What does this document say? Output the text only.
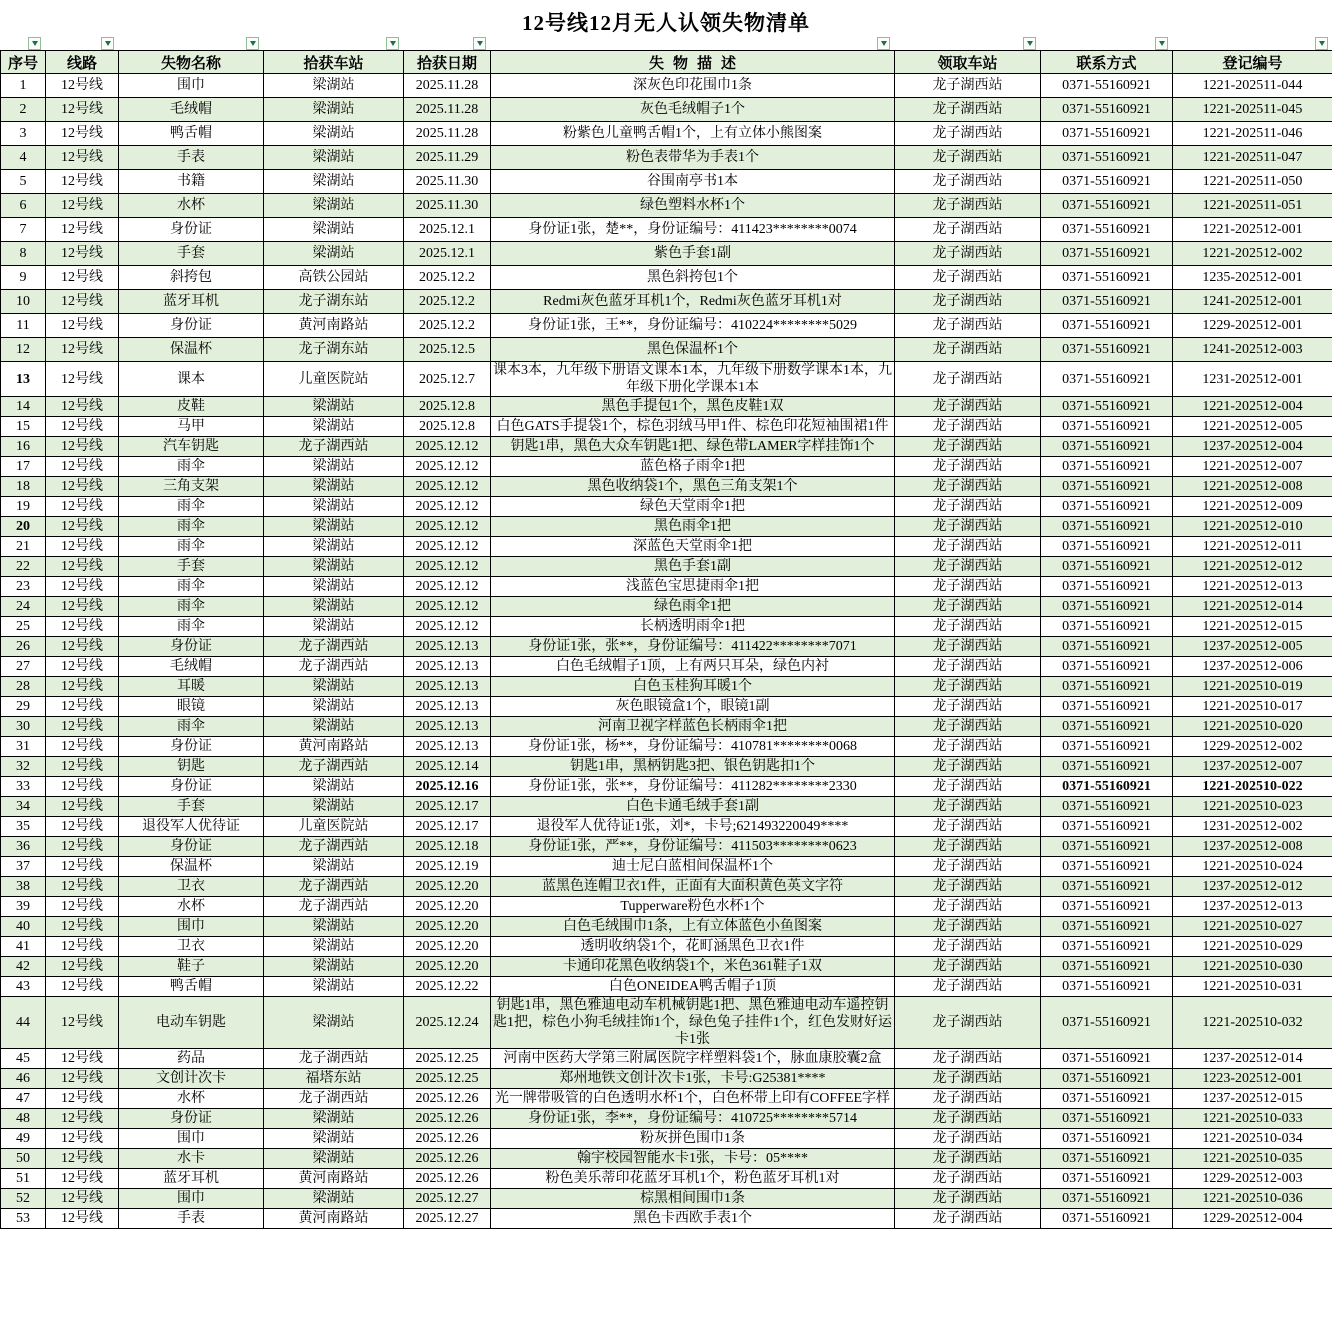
12号线12月无人认领失物清单
序号	线路	失物名称	拾获车站	拾获日期	失物描述	领取车站	联系方式	登记编号
1	12号线	围巾	梁湖站	2025.11.28	深灰色印花围巾1条	龙子湖西站	0371-55160921	1221-202511-044
2	12号线	毛绒帽	梁湖站	2025.11.28	灰色毛绒帽子1个	龙子湖西站	0371-55160921	1221-202511-045
3	12号线	鸭舌帽	梁湖站	2025.11.28	粉紫色儿童鸭舌帽1个，上有立体小熊图案	龙子湖西站	0371-55160921	1221-202511-046
4	12号线	手表	梁湖站	2025.11.29	粉色表带华为手表1个	龙子湖西站	0371-55160921	1221-202511-047
5	12号线	书籍	梁湖站	2025.11.30	谷围南亭书1本	龙子湖西站	0371-55160921	1221-202511-050
6	12号线	水杯	梁湖站	2025.11.30	绿色塑料水杯1个	龙子湖西站	0371-55160921	1221-202511-051
7	12号线	身份证	梁湖站	2025.12.1	身份证1张，楚**，身份证编号：411423********0074	龙子湖西站	0371-55160921	1221-202512-001
8	12号线	手套	梁湖站	2025.12.1	紫色手套1副	龙子湖西站	0371-55160921	1221-202512-002
9	12号线	斜挎包	高铁公园站	2025.12.2	黑色斜挎包1个	龙子湖西站	0371-55160921	1235-202512-001
10	12号线	蓝牙耳机	龙子湖东站	2025.12.2	Redmi灰色蓝牙耳机1个，Redmi灰色蓝牙耳机1对	龙子湖西站	0371-55160921	1241-202512-001
11	12号线	身份证	黄河南路站	2025.12.2	身份证1张，王**，身份证编号：410224********5029	龙子湖西站	0371-55160921	1229-202512-001
12	12号线	保温杯	龙子湖东站	2025.12.5	黑色保温杯1个	龙子湖西站	0371-55160921	1241-202512-003
13	12号线	课本	儿童医院站	2025.12.7	课本3本，九年级下册语文课本1本，九年级下册数学课本1本，九年级下册化学课本1本	龙子湖西站	0371-55160921	1231-202512-001
14	12号线	皮鞋	梁湖站	2025.12.8	黑色手提包1个，黑色皮鞋1双	龙子湖西站	0371-55160921	1221-202512-004
15	12号线	马甲	梁湖站	2025.12.8	白色GATS手提袋1个，棕色羽绒马甲1件、棕色印花短袖围裙1件	龙子湖西站	0371-55160921	1221-202512-005
16	12号线	汽车钥匙	龙子湖西站	2025.12.12	钥匙1串，黑色大众车钥匙1把、绿色带LAMER字样挂饰1个	龙子湖西站	0371-55160921	1237-202512-004
17	12号线	雨伞	梁湖站	2025.12.12	蓝色格子雨伞1把	龙子湖西站	0371-55160921	1221-202512-007
18	12号线	三角支架	梁湖站	2025.12.12	黑色收纳袋1个，黑色三角支架1个	龙子湖西站	0371-55160921	1221-202512-008
19	12号线	雨伞	梁湖站	2025.12.12	绿色天堂雨伞1把	龙子湖西站	0371-55160921	1221-202512-009
20	12号线	雨伞	梁湖站	2025.12.12	黑色雨伞1把	龙子湖西站	0371-55160921	1221-202512-010
21	12号线	雨伞	梁湖站	2025.12.12	深蓝色天堂雨伞1把	龙子湖西站	0371-55160921	1221-202512-011
22	12号线	手套	梁湖站	2025.12.12	黑色手套1副	龙子湖西站	0371-55160921	1221-202512-012
23	12号线	雨伞	梁湖站	2025.12.12	浅蓝色宝思捷雨伞1把	龙子湖西站	0371-55160921	1221-202512-013
24	12号线	雨伞	梁湖站	2025.12.12	绿色雨伞1把	龙子湖西站	0371-55160921	1221-202512-014
25	12号线	雨伞	梁湖站	2025.12.12	长柄透明雨伞1把	龙子湖西站	0371-55160921	1221-202512-015
26	12号线	身份证	龙子湖西站	2025.12.13	身份证1张，张**，身份证编号：411422********7071	龙子湖西站	0371-55160921	1237-202512-005
27	12号线	毛绒帽	龙子湖西站	2025.12.13	白色毛绒帽子1顶，上有两只耳朵，绿色内衬	龙子湖西站	0371-55160921	1237-202512-006
28	12号线	耳暖	梁湖站	2025.12.13	白色玉桂狗耳暖1个	龙子湖西站	0371-55160921	1221-202510-019
29	12号线	眼镜	梁湖站	2025.12.13	灰色眼镜盒1个，眼镜1副	龙子湖西站	0371-55160921	1221-202510-017
30	12号线	雨伞	梁湖站	2025.12.13	河南卫视字样蓝色长柄雨伞1把	龙子湖西站	0371-55160921	1221-202510-020
31	12号线	身份证	黄河南路站	2025.12.13	身份证1张，杨**，身份证编号：410781********0068	龙子湖西站	0371-55160921	1229-202512-002
32	12号线	钥匙	龙子湖西站	2025.12.14	钥匙1串，黑柄钥匙3把、银色钥匙扣1个	龙子湖西站	0371-55160921	1237-202512-007
33	12号线	身份证	梁湖站	2025.12.16	身份证1张，张**，身份证编号：411282********2330	龙子湖西站	0371-55160921	1221-202510-022
34	12号线	手套	梁湖站	2025.12.17	白色卡通毛绒手套1副	龙子湖西站	0371-55160921	1221-202510-023
35	12号线	退役军人优待证	儿童医院站	2025.12.17	退役军人优待证1张，刘*，卡号;621493220049****	龙子湖西站	0371-55160921	1231-202512-002
36	12号线	身份证	龙子湖西站	2025.12.18	身份证1张，严**，身份证编号：411503********0623	龙子湖西站	0371-55160921	1237-202512-008
37	12号线	保温杯	梁湖站	2025.12.19	迪士尼白蓝相间保温杯1个	龙子湖西站	0371-55160921	1221-202510-024
38	12号线	卫衣	龙子湖西站	2025.12.20	蓝黑色连帽卫衣1件，正面有大面积黄色英文字符	龙子湖西站	0371-55160921	1237-202512-012
39	12号线	水杯	龙子湖西站	2025.12.20	Tupperware粉色水杯1个	龙子湖西站	0371-55160921	1237-202512-013
40	12号线	围巾	梁湖站	2025.12.20	白色毛绒围巾1条，上有立体蓝色小鱼图案	龙子湖西站	0371-55160921	1221-202510-027
41	12号线	卫衣	梁湖站	2025.12.20	透明收纳袋1个，花町涵黑色卫衣1件	龙子湖西站	0371-55160921	1221-202510-029
42	12号线	鞋子	梁湖站	2025.12.20	卡通印花黑色收纳袋1个，米色361鞋子1双	龙子湖西站	0371-55160921	1221-202510-030
43	12号线	鸭舌帽	梁湖站	2025.12.22	白色ONEIDEA鸭舌帽子1顶	龙子湖西站	0371-55160921	1221-202510-031
44	12号线	电动车钥匙	梁湖站	2025.12.24	钥匙1串，黑色雅迪电动车机械钥匙1把、黑色雅迪电动车遥控钥匙1把，棕色小狗毛绒挂饰1个，绿色兔子挂件1个，红色发财好运卡1张	龙子湖西站	0371-55160921	1221-202510-032
45	12号线	药品	龙子湖西站	2025.12.25	河南中医药大学第三附属医院字样塑料袋1个，脉血康胶囊2盒	龙子湖西站	0371-55160921	1237-202512-014
46	12号线	文创计次卡	福塔东站	2025.12.25	郑州地铁文创计次卡1张，卡号:G25381****	龙子湖西站	0371-55160921	1223-202512-001
47	12号线	水杯	龙子湖西站	2025.12.26	光一牌带吸管的白色透明水杯1个，白色杯带上印有COFFEE字样	龙子湖西站	0371-55160921	1237-202512-015
48	12号线	身份证	梁湖站	2025.12.26	身份证1张，李**，身份证编号：410725********5714	龙子湖西站	0371-55160921	1221-202510-033
49	12号线	围巾	梁湖站	2025.12.26	粉灰拼色围巾1条	龙子湖西站	0371-55160921	1221-202510-034
50	12号线	水卡	梁湖站	2025.12.26	翰宇校园智能水卡1张，卡号：05****	龙子湖西站	0371-55160921	1221-202510-035
51	12号线	蓝牙耳机	黄河南路站	2025.12.26	粉色美乐蒂印花蓝牙耳机1个，粉色蓝牙耳机1对	龙子湖西站	0371-55160921	1229-202512-003
52	12号线	围巾	梁湖站	2025.12.27	棕黑相间围巾1条	龙子湖西站	0371-55160921	1221-202510-036
53	12号线	手表	黄河南路站	2025.12.27	黑色卡西欧手表1个	龙子湖西站	0371-55160921	1229-202512-004
